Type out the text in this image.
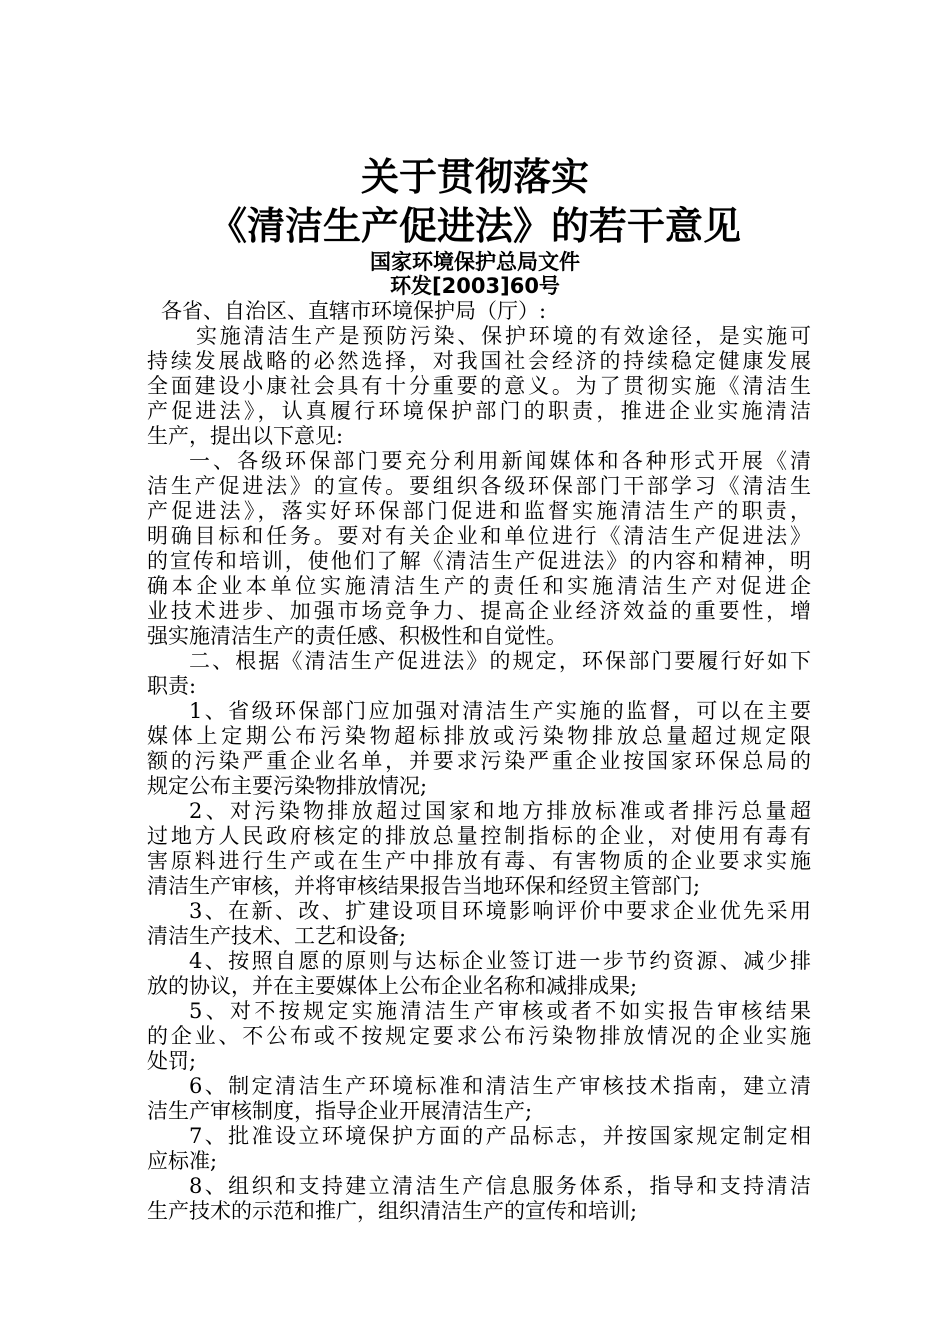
关于贯彻落实
《清洁生产促进法》的若干意见
国家环境保护总局文件
环发[2003]60号
各省、自治区、直辖市环境保护局（厅）:
实施清洁生产是预防污染、保护环境的有效途径，是实施可
持续发展战略的必然选择，对我国社会经济的持续稳定健康发展
全面建设小康社会具有十分重要的意义。为了贯彻实施《清洁生
产促进法》，认真履行环境保护部门的职责，推进企业实施清洁
生产，提出以下意见:
一、各级环保部门要充分利用新闻媒体和各种形式开展《清
洁生产促进法》的宣传。要组织各级环保部门干部学习《清洁生
产促进法》，落实好环保部门促进和监督实施清洁生产的职责，
明确目标和任务。要对有关企业和单位进行《清洁生产促进法》
的宣传和培训，使他们了解《清洁生产促进法》的内容和精神，明
确本企业本单位实施清洁生产的责任和实施清洁生产对促进企
业技术进步、加强市场竞争力、提高企业经济效益的重要性，增
强实施清洁生产的责任感、积极性和自觉性。
二、根据《清洁生产促进法》的规定，环保部门要履行好如下
职责:
1、省级环保部门应加强对清洁生产实施的监督，可以在主要
媒体上定期公布污染物超标排放或污染物排放总量超过规定限
额的污染严重企业名单，并要求污染严重企业按国家环保总局的
规定公布主要污染物排放情况;
2、对污染物排放超过国家和地方排放标准或者排污总量超
过地方人民政府核定的排放总量控制指标的企业，对使用有毒有
害原料进行生产或在生产中排放有毒、有害物质的企业要求实施
清洁生产审核，并将审核结果报告当地环保和经贸主管部门;
3、在新、改、扩建设项目环境影响评价中要求企业优先采用
清洁生产技术、工艺和设备;
4、按照自愿的原则与达标企业签订进一步节约资源、减少排
放的协议，并在主要媒体上公布企业名称和减排成果;
5、对不按规定实施清洁生产审核或者不如实报告审核结果
的企业、不公布或不按规定要求公布污染物排放情况的企业实施
处罚;
6、制定清洁生产环境标准和清洁生产审核技术指南，建立清
洁生产审核制度，指导企业开展清洁生产;
7、批准设立环境保护方面的产品标志，并按国家规定制定相
应标准;
8、组织和支持建立清洁生产信息服务体系，指导和支持清洁
生产技术的示范和推广，组织清洁生产的宣传和培训;
